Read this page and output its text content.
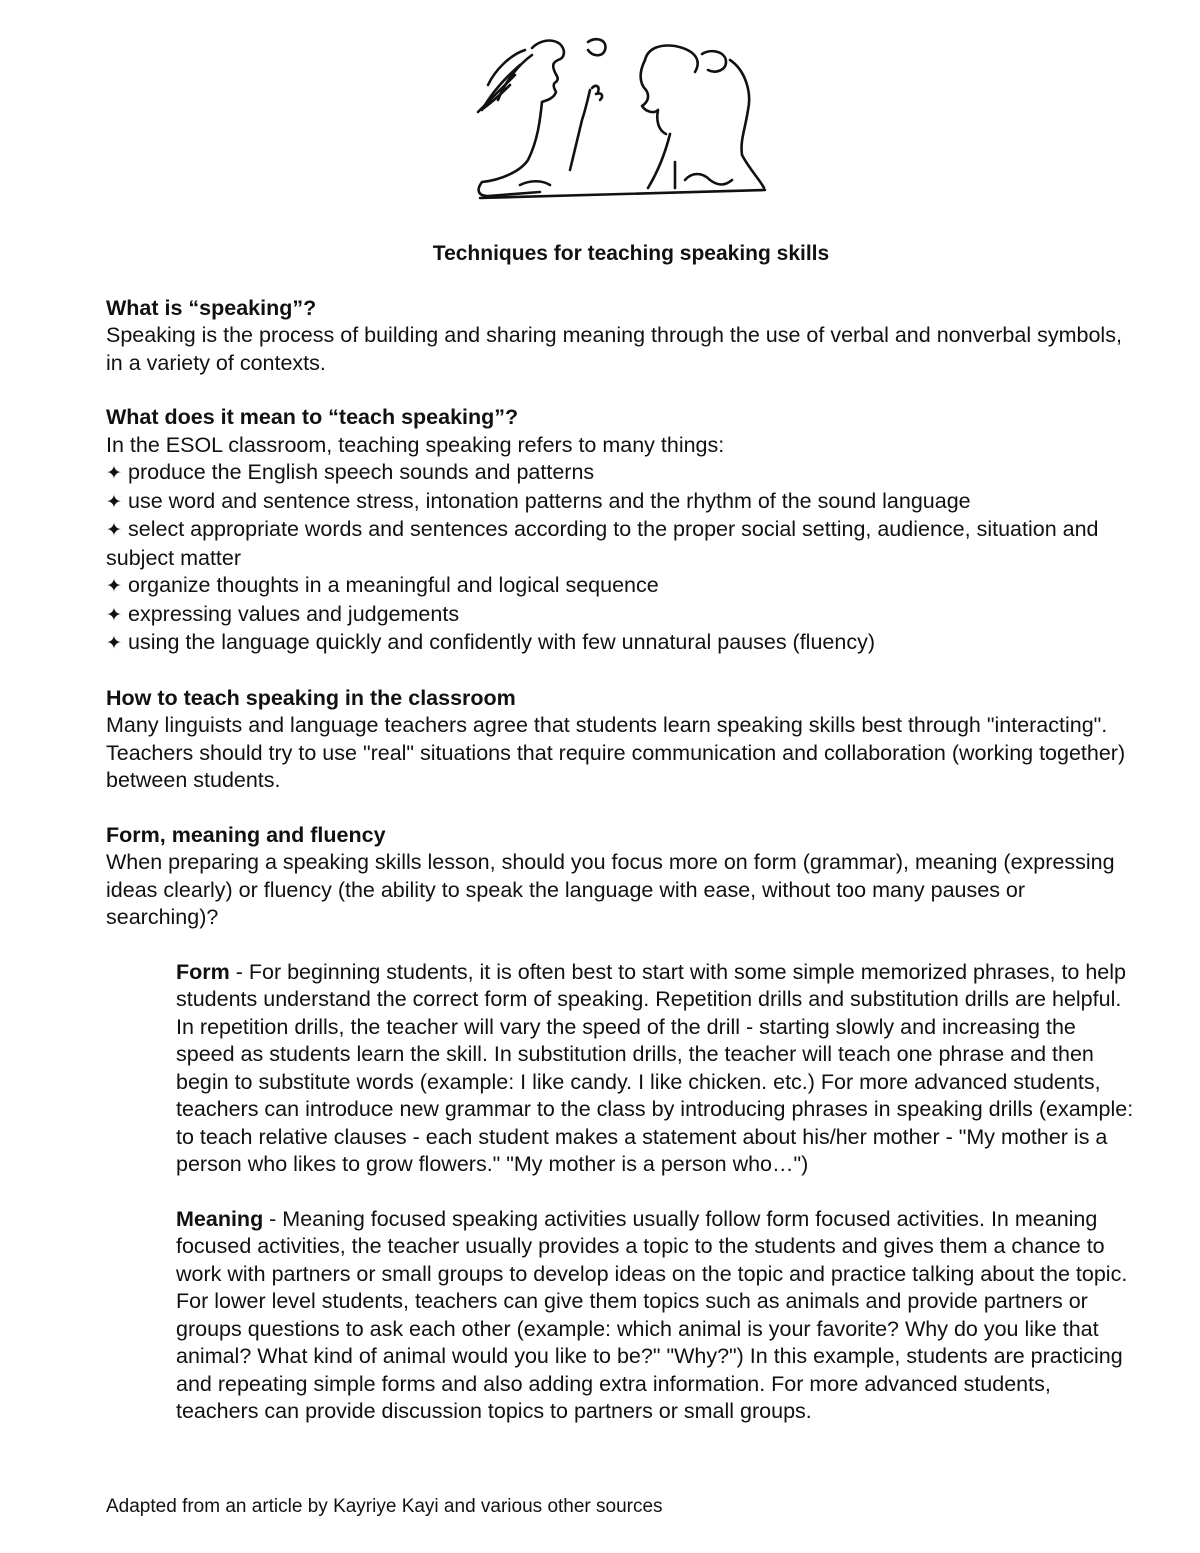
Techniques for teaching speaking skills

What is “speaking”?

Speaking is the process of building and sharing meaning through the use of verbal and nonverbal symbols, in a variety of contexts.

What does it mean to “teach speaking”?

In the ESOL classroom, teaching speaking refers to many things:

✦ produce the English speech sounds and patterns
✦ use word and sentence stress, intonation patterns and the rhythm of the sound language
✦ select appropriate words and sentences according to the proper social setting, audience, situation and subject matter
✦ organize thoughts in a meaningful and logical sequence
✦ expressing values and judgements
✦ using the language quickly and confidently with few unnatural pauses (fluency)

How to teach speaking in the classroom

Many linguists and language teachers agree that students learn speaking skills best through "interacting". Teachers should try to use "real" situations that require communication and collaboration (working together) between students.

Form, meaning and fluency

When preparing a speaking skills lesson, should you focus more on form (grammar), meaning (expressing ideas clearly) or fluency (the ability to speak the language with ease, without too many pauses or searching)?

Form - For beginning students, it is often best to start with some simple memorized phrases, to help students understand the correct form of speaking. Repetition drills and substitution drills are helpful. In repetition drills, the teacher will vary the speed of the drill - starting slowly and increasing the speed as students learn the skill. In substitution drills, the teacher will teach one phrase and then begin to substitute words (example: I like candy. I like chicken. etc.) For more advanced students, teachers can introduce new grammar to the class by introducing phrases in speaking drills (example: to teach relative clauses - each student makes a statement about his/her mother - "My mother is a person who likes to grow flowers." "My mother is a person who…")

Meaning - Meaning focused speaking activities usually follow form focused activities. In meaning focused activities, the teacher usually provides a topic to the students and gives them a chance to work with partners or small groups to develop ideas on the topic and practice talking about the topic. For lower level students, teachers can give them topics such as animals and provide partners or groups questions to ask each other (example: which animal is your favorite? Why do you like that animal? What kind of animal would you like to be?" "Why?") In this example, students are practicing and repeating simple forms and also adding extra information. For more advanced students, teachers can provide discussion topics to partners or small groups.

Adapted from an article by Kayriye Kayi and various other sources
